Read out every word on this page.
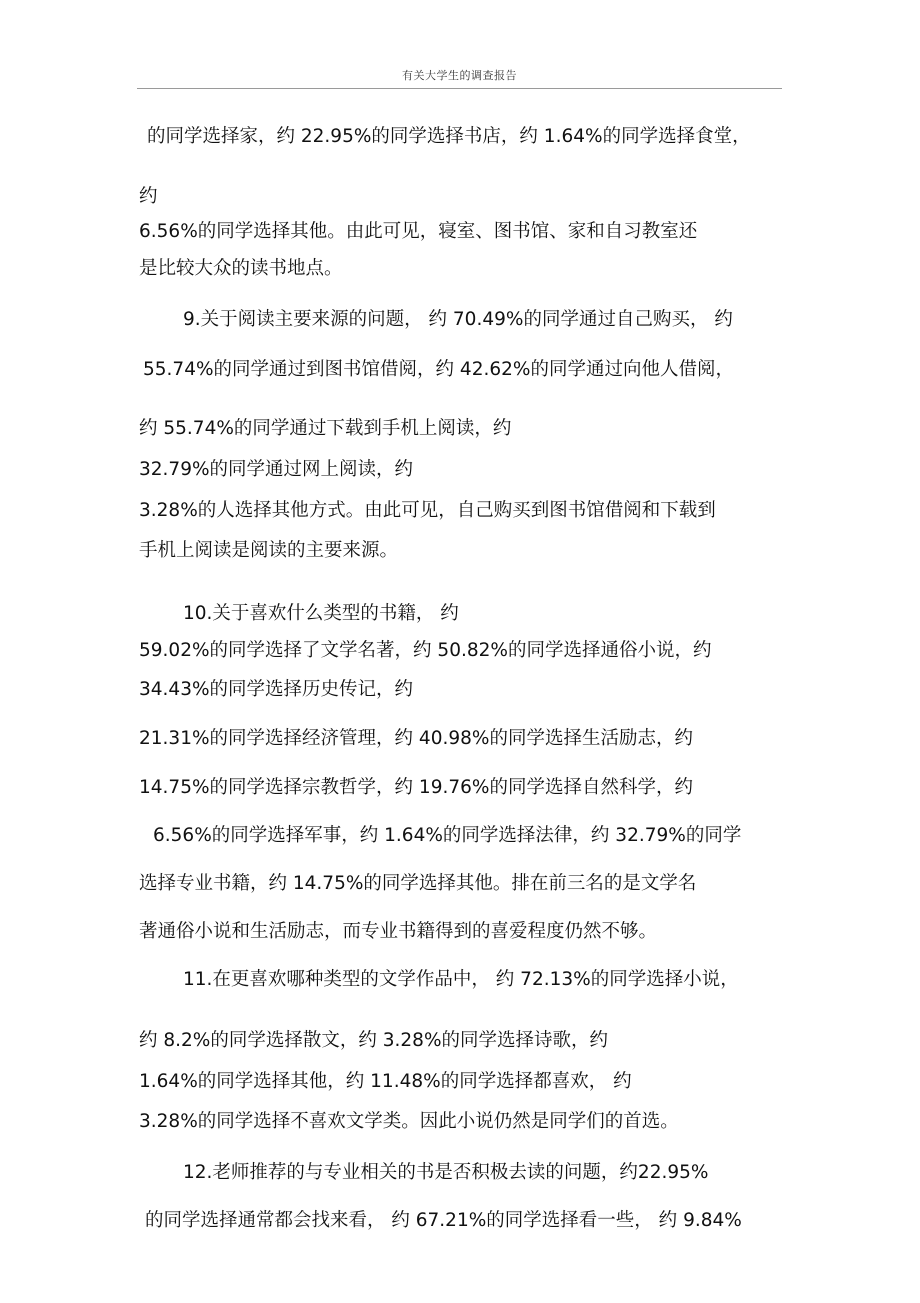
有关大学生的调查报告
的同学选择家，约 22.95%的同学选择书店，约 1.64%的同学选择食堂，
约
6.56%的同学选择其他。由此可见，寝室、图书馆、家和自习教室还
是比较大众的读书地点。
9.关于阅读主要来源的问题， 约 70.49%的同学通过自己购买， 约
55.74%的同学通过到图书馆借阅，约 42.62%的同学通过向他人借阅，
约 55.74%的同学通过下载到手机上阅读，约
32.79%的同学通过网上阅读，约
3.28%的人选择其他方式。由此可见，自己购买到图书馆借阅和下载到
手机上阅读是阅读的主要来源。
10.关于喜欢什么类型的书籍， 约
59.02%的同学选择了文学名著，约 50.82%的同学选择通俗小说，约
34.43%的同学选择历史传记，约
21.31%的同学选择经济管理，约 40.98%的同学选择生活励志，约
14.75%的同学选择宗教哲学，约 19.76%的同学选择自然科学，约
6.56%的同学选择军事，约 1.64%的同学选择法律，约 32.79%的同学
选择专业书籍，约 14.75%的同学选择其他。排在前三名的是文学名
著通俗小说和生活励志，而专业书籍得到的喜爱程度仍然不够。
11.在更喜欢哪种类型的文学作品中， 约 72.13%的同学选择小说，
约 8.2%的同学选择散文，约 3.28%的同学选择诗歌，约
1.64%的同学选择其他，约 11.48%的同学选择都喜欢， 约
3.28%的同学选择不喜欢文学类。因此小说仍然是同学们的首选。
12.老师推荐的与专业相关的书是否积极去读的问题，约22.95%
的同学选择通常都会找来看， 约 67.21%的同学选择看一些， 约 9.84%
